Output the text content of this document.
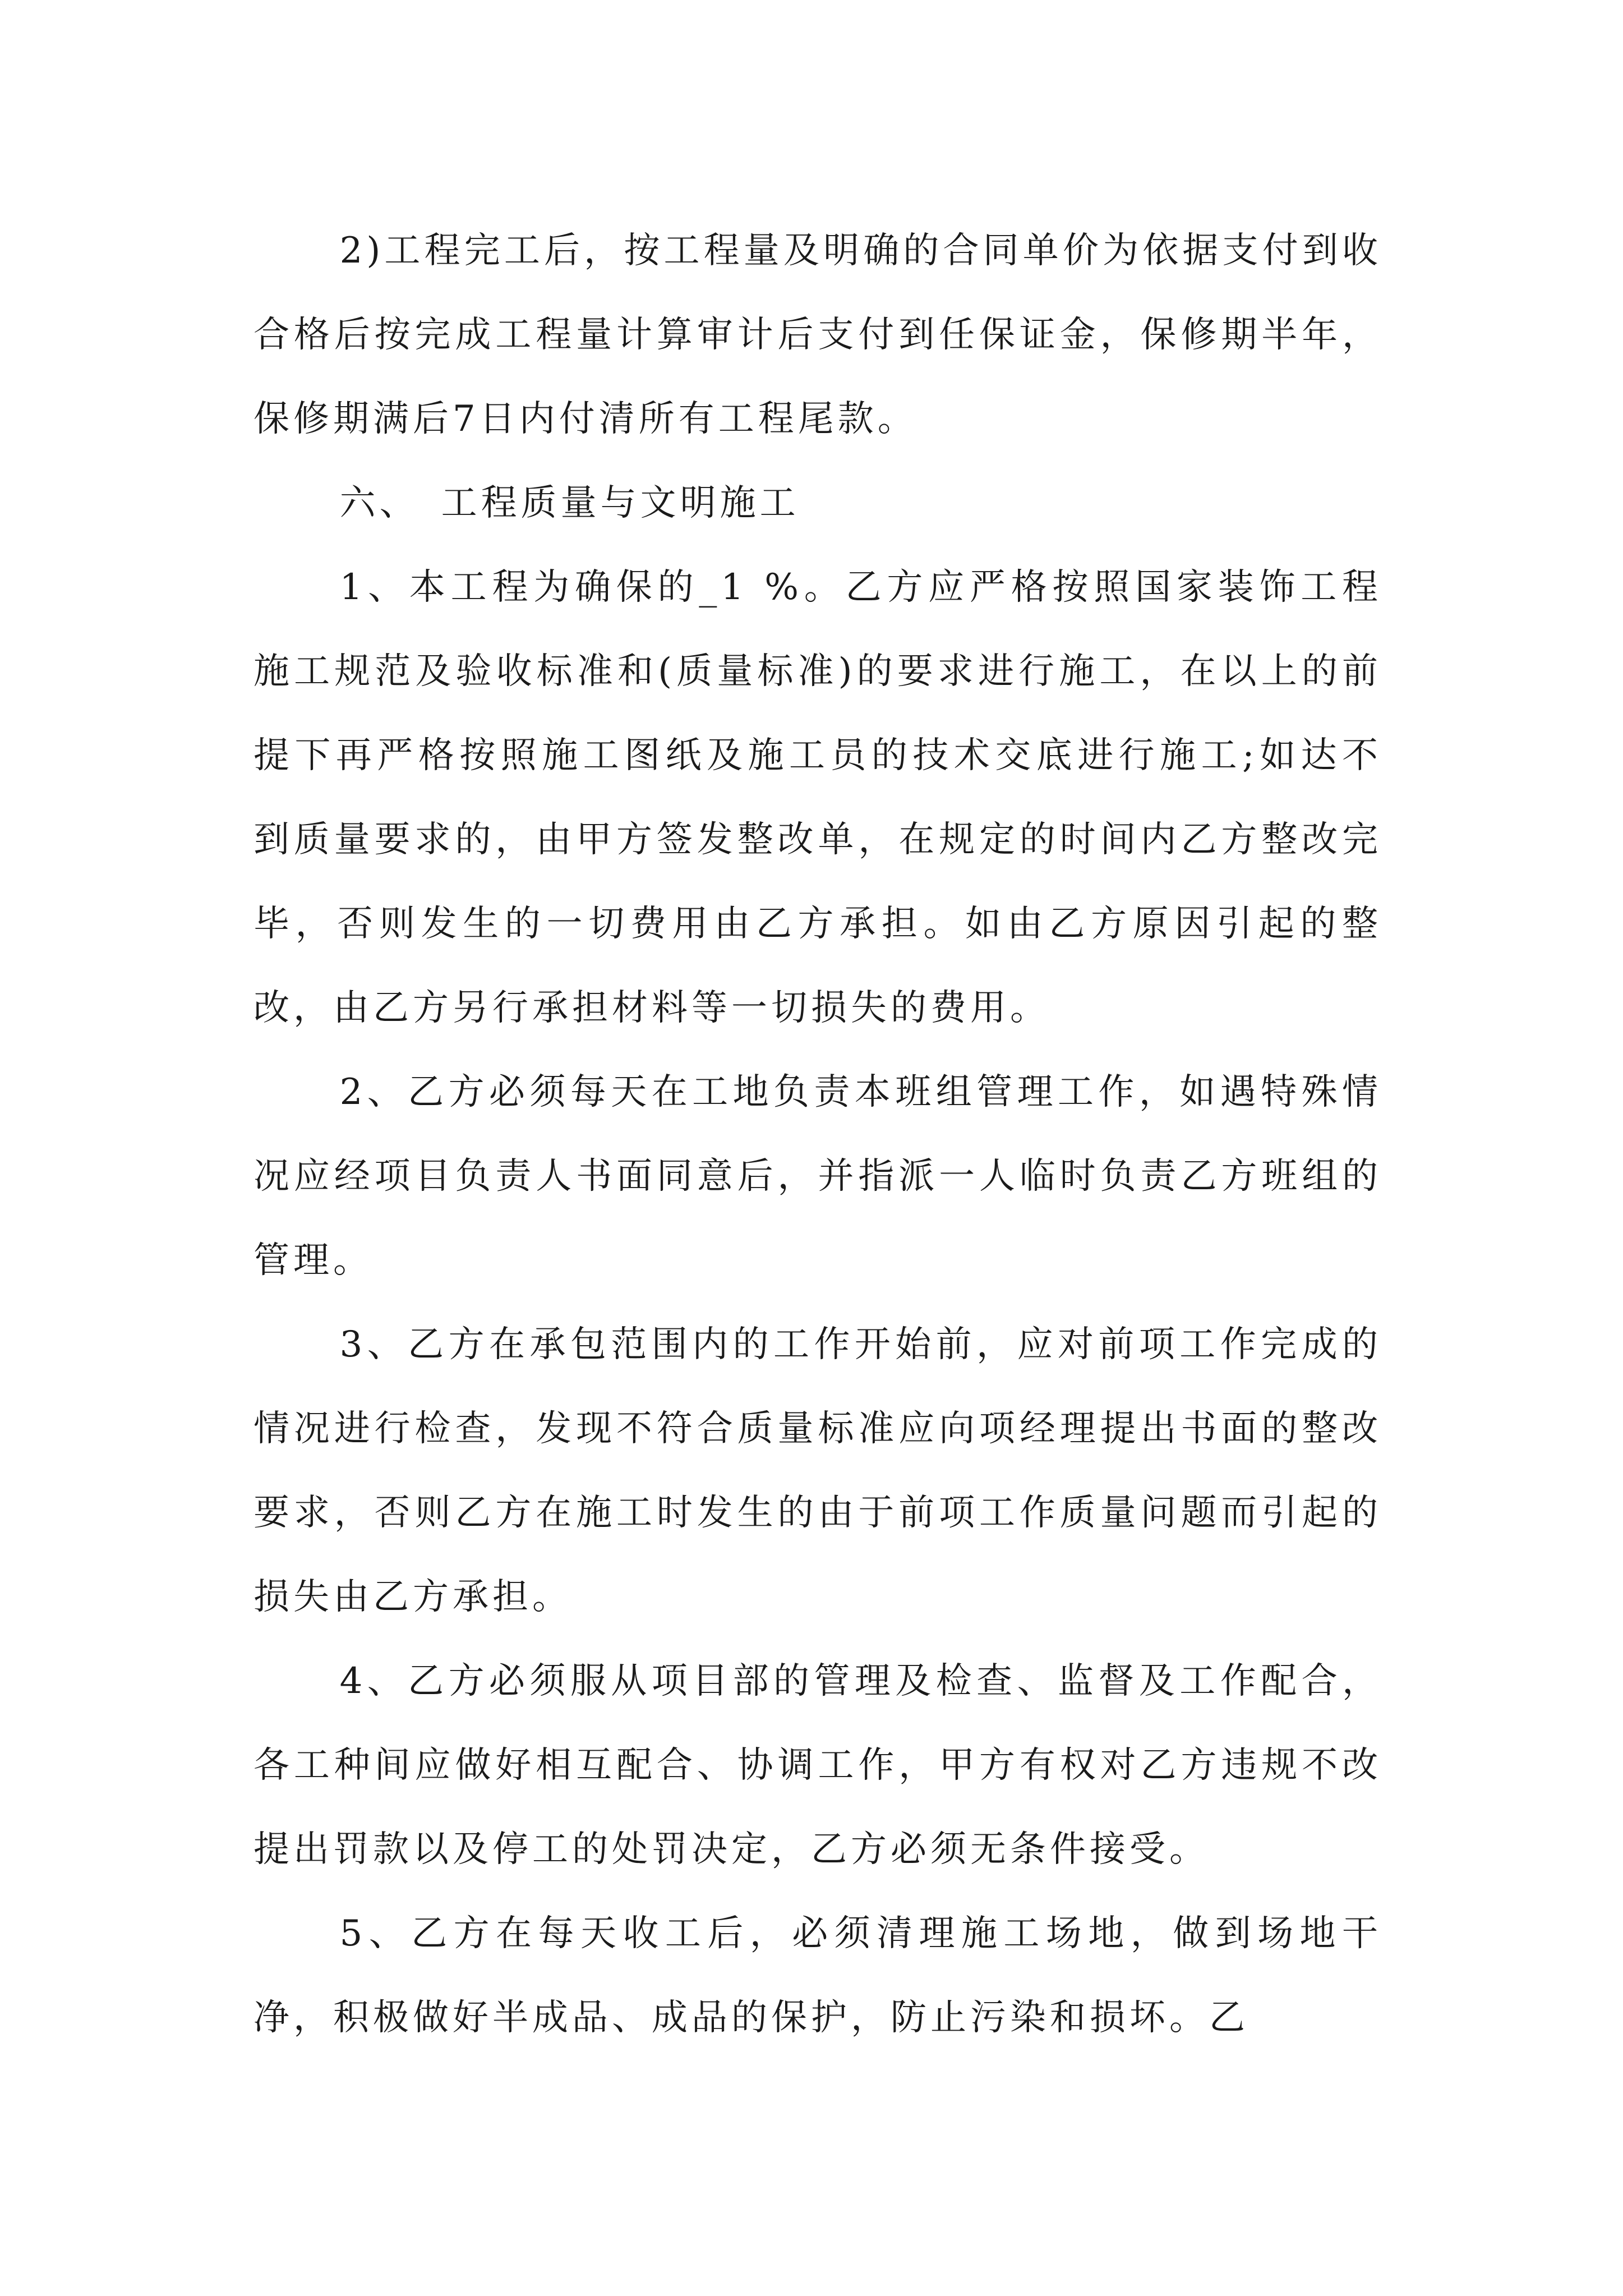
2)工程完工后，按工程量及明确的合同单价为依据支付到收合格后按完成工程量计算审计后支付到任保证金，保修期半年，保修期满后7日内付清所有工程尾款。

六、　工程质量与文明施工

1、本工程为确保的_1 %。乙方应严格按照国家装饰工程施工规范及验收标准和(质量标准)的要求进行施工，在以上的前提下再严格按照施工图纸及施工员的技术交底进行施工;如达不到质量要求的，由甲方签发整改单，在规定的时间内乙方整改完毕，否则发生的一切费用由乙方承担。如由乙方原因引起的整改，由乙方另行承担材料等一切损失的费用。

2、乙方必须每天在工地负责本班组管理工作，如遇特殊情况应经项目负责人书面同意后，并指派一人临时负责乙方班组的管理。

3、乙方在承包范围内的工作开始前，应对前项工作完成的情况进行检查，发现不符合质量标准应向项经理提出书面的整改要求，否则乙方在施工时发生的由于前项工作质量问题而引起的损失由乙方承担。

4、乙方必须服从项目部的管理及检查、监督及工作配合，各工种间应做好相互配合、协调工作，甲方有权对乙方违规不改提出罚款以及停工的处罚决定，乙方必须无条件接受。

5、乙方在每天收工后，必须清理施工场地，做到场地干净，积极做好半成品、成品的保护，防止污染和损坏。乙
